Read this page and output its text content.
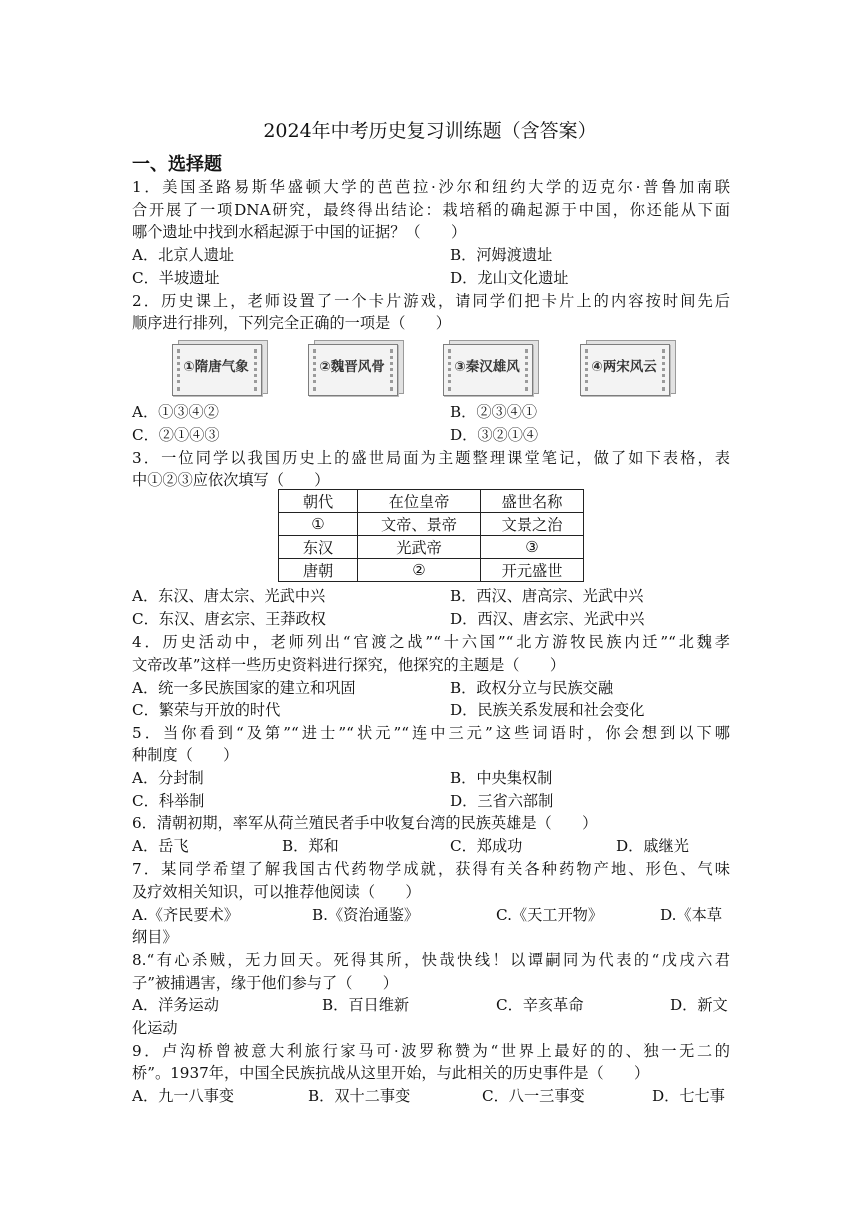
2024年中考历史复习训练题（含答案）
一、选择题
1．美国圣路易斯华盛顿大学的芭芭拉·沙尔和纽约大学的迈克尔·普鲁加南联
合开展了一项DNA研究，最终得出结论：栽培稻的确起源于中国，你还能从下面
哪个遗址中找到水稻起源于中国的证据？（　　）
A．北京人遗址	B．河姆渡遗址
C．半坡遗址	D．龙山文化遗址
2．历史课上，老师设置了一个卡片游戏，请同学们把卡片上的内容按时间先后
顺序进行排列，下列完全正确的一项是（　　）
①隋唐气象	②魏晋风骨	③秦汉雄风	④两宋风云
A．①③④②	B．②③④①
C．②①④③	D．③②①④
3．一位同学以我国历史上的盛世局面为主题整理课堂笔记，做了如下表格，表
中①②③应依次填写（　　）
朝代	在位皇帝	盛世名称
①	文帝、景帝	文景之治
东汉	光武帝	③
唐朝	②	开元盛世
A．东汉、唐太宗、光武中兴	B．西汉、唐高宗、光武中兴
C．东汉、唐玄宗、王莽政权	D．西汉、唐玄宗、光武中兴
4．历史活动中，老师列出“官渡之战”“十六国”“北方游牧民族内迁”“北魏孝
文帝改革”这样一些历史资料进行探究，他探究的主题是（　　）
A．统一多民族国家的建立和巩固	B．政权分立与民族交融
C．繁荣与开放的时代	D．民族关系发展和社会变化
5．当你看到“及第”“进士”“状元”“连中三元”这些词语时，你会想到以下哪
种制度（　　）
A．分封制	B．中央集权制
C．科举制	D．三省六部制
6．清朝初期，率军从荷兰殖民者手中收复台湾的民族英雄是（　　）
A．岳飞	B．郑和	C．郑成功	D．戚继光
7．某同学希望了解我国古代药物学成就，获得有关各种药物产地、形色、气味
及疗效相关知识，可以推荐他阅读（　　）
A.《齐民要术》	B.《资治通鉴》	C.《天工开物》	D.《本草
纲目》
8.“有心杀贼，无力回天。死得其所，快哉快线！以谭嗣同为代表的“戊戌六君
子”被捕遇害，缘于他们参与了（　　）
A．洋务运动	B．百日维新	C．辛亥革命	D．新文
化运动
9．卢沟桥曾被意大利旅行家马可·波罗称赞为“世界上最好的的、独一无二的
桥”。1937年，中国全民族抗战从这里开始，与此相关的历史事件是（　　）
A．九一八事变	B．双十二事变	C．八一三事变	D．七七事
